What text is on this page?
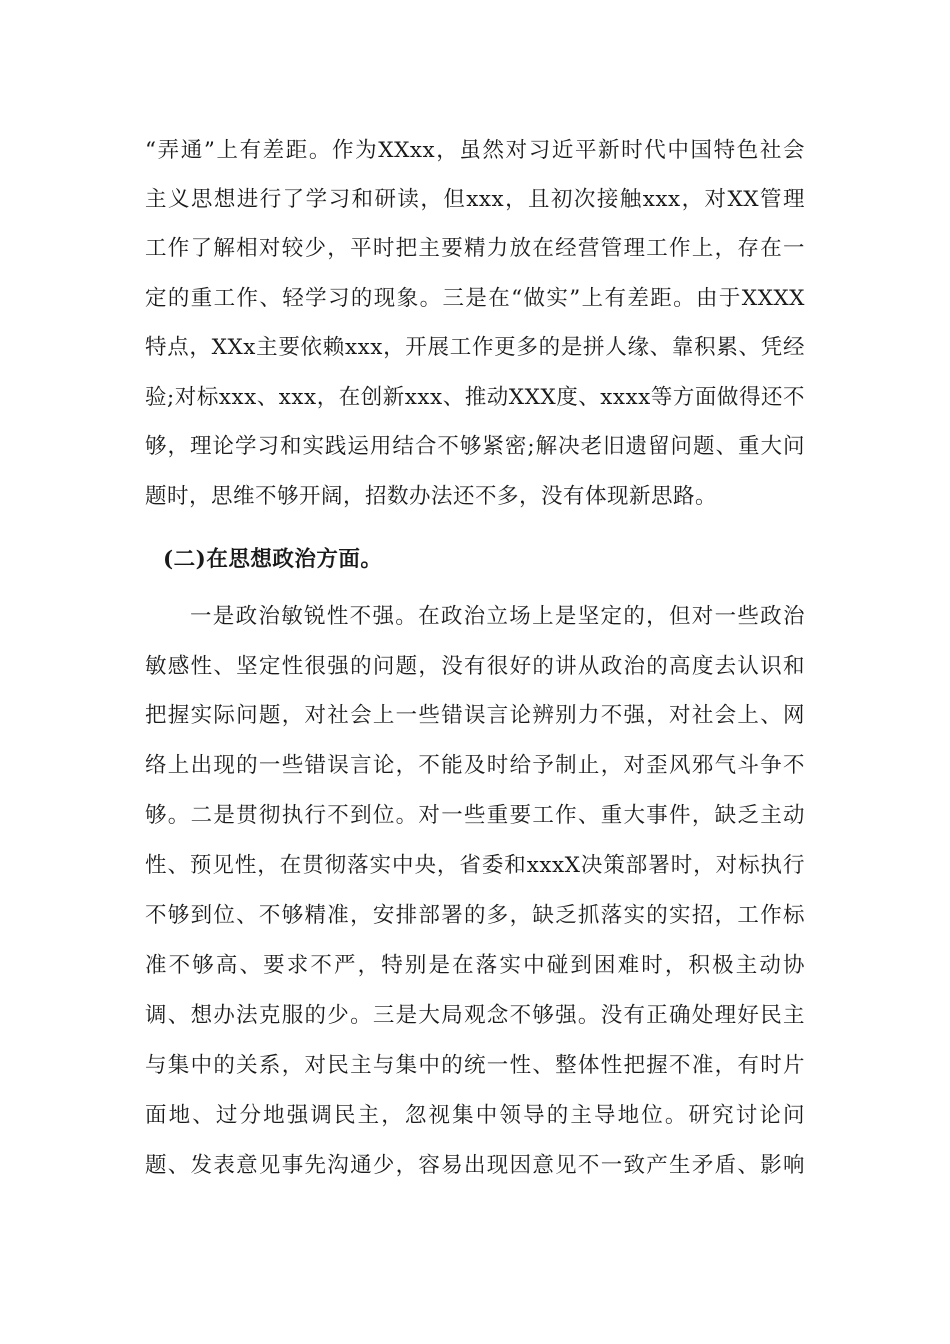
“弄通”上有差距。作为XXxx，虽然对习近平新时代中国特色社会
主义思想进行了学习和研读，但xxx，且初次接触xxx，对XX管理
工作了解相对较少，平时把主要精力放在经营管理工作上，存在一
定的重工作、轻学习的现象。三是在“做实”上有差距。由于XXXX
特点，XXx主要依赖xxx，开展工作更多的是拼人缘、靠积累、凭经
验;对标xxx、xxx，在创新xxx、推动XXX度、xxxx等方面做得还不
够，理论学习和实践运用结合不够紧密;解决老旧遗留问题、重大问
题时，思维不够开阔，招数办法还不多，没有体现新思路。
(二)在思想政治方面。
一是政治敏锐性不强。在政治立场上是坚定的，但对一些政治
敏感性、坚定性很强的问题，没有很好的讲从政治的高度去认识和
把握实际问题，对社会上一些错误言论辨别力不强，对社会上、网
络上出现的一些错误言论，不能及时给予制止，对歪风邪气斗争不
够。二是贯彻执行不到位。对一些重要工作、重大事件，缺乏主动
性、预见性，在贯彻落实中央，省委和xxxX决策部署时，对标执行
不够到位、不够精准，安排部署的多，缺乏抓落实的实招，工作标
准不够高、要求不严，特别是在落实中碰到困难时，积极主动协
调、想办法克服的少。三是大局观念不够强。没有正确处理好民主
与集中的关系，对民主与集中的统一性、整体性把握不准，有时片
面地、过分地强调民主，忽视集中领导的主导地位。研究讨论问
题、发表意见事先沟通少，容易出现因意见不一致产生矛盾、影响
